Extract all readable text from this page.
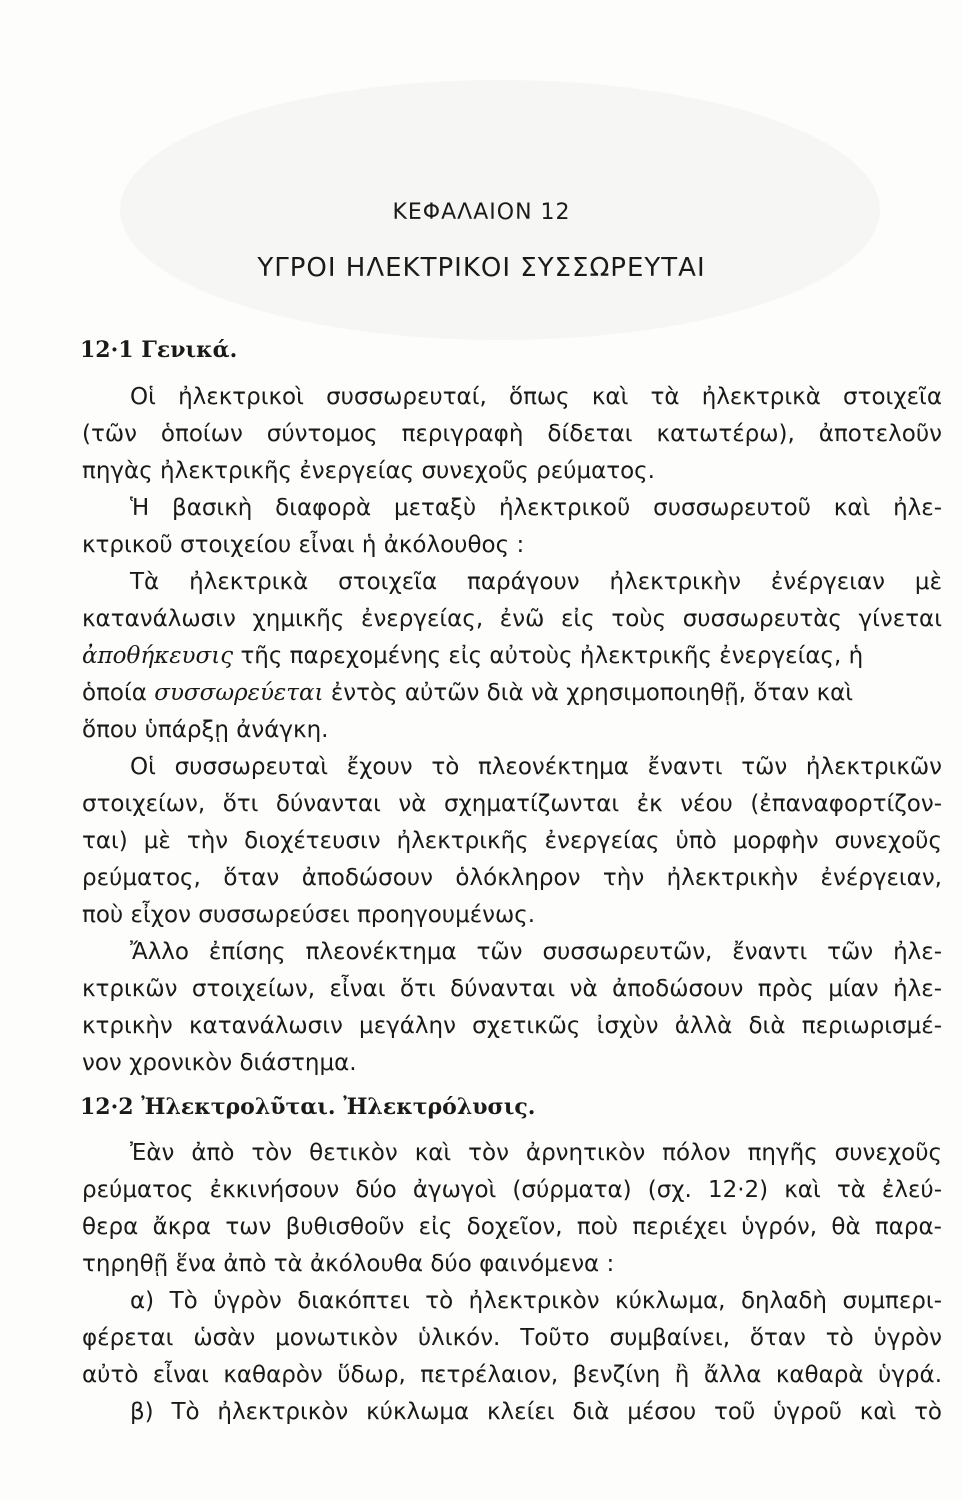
ΚΕΦΑΛΑΙΟΝ 12
ΥΓΡΟΙ ΗΛΕΚΤΡΙΚΟΙ ΣΥΣΣΩΡΕΥΤΑΙ
12·1 Γενικά.
Οἱ ἠλεκτρικοὶ συσσωρευταί, ὅπως καὶ τὰ ἠλεκτρικὰ στοιχεῖα
(τῶν ὁποίων σύντομος περιγραφὴ δίδεται κατωτέρω), ἀποτελοῦν
πηγὰς ἠλεκτρικῆς ἐνεργείας συνεχοῦς ρεύματος.
Ἡ βασικὴ διαφορὰ μεταξὺ ἠλεκτρικοῦ συσσωρευτοῦ καὶ ἠλε-
κτρικοῦ στοιχείου εἶναι ἡ ἀκόλουθος :
Τὰ ἠλεκτρικὰ στοιχεῖα παράγουν ἠλεκτρικὴν ἐνέργειαν μὲ
κατανάλωσιν χημικῆς ἐνεργείας, ἐνῶ εἰς τοὺς συσσωρευτὰς γίνεται
ἀποθήκευσις τῆς παρεχομένης εἰς αὐτοὺς ἠλεκτρικῆς ἐνεργείας, ἡ
ὁποία συσσωρεύεται ἐντὸς αὐτῶν διὰ νὰ χρησιμοποιηθῇ, ὅταν καὶ
ὅπου ὑπάρξῃ ἀνάγκη.
Οἱ συσσωρευταὶ ἔχουν τὸ πλεονέκτημα ἔναντι τῶν ἠλεκτρικῶν
στοιχείων, ὅτι δύνανται νὰ σχηματίζωνται ἐκ νέου (ἐπαναφορτίζον-
ται) μὲ τὴν διοχέτευσιν ἠλεκτρικῆς ἐνεργείας ὑπὸ μορφὴν συνεχοῦς
ρεύματος, ὅταν ἀποδώσουν ὁλόκληρον τὴν ἠλεκτρικὴν ἐνέργειαν,
ποὺ εἶχον συσσωρεύσει προηγουμένως.
Ἄλλο ἐπίσης πλεονέκτημα τῶν συσσωρευτῶν, ἔναντι τῶν ἠλε-
κτρικῶν στοιχείων, εἶναι ὅτι δύνανται νὰ ἀποδώσουν πρὸς μίαν ἠλε-
κτρικὴν κατανάλωσιν μεγάλην σχετικῶς ἰσχὺν ἀλλὰ διὰ περιωρισμέ-
νον χρονικὸν διάστημα.
12·2 Ἠλεκτρολῦται. Ἠλεκτρόλυσις.
Ἐὰν ἀπὸ τὸν θετικὸν καὶ τὸν ἀρνητικὸν πόλον πηγῆς συνεχοῦς
ρεύματος ἐκκινήσουν δύο ἀγωγοὶ (σύρματα) (σχ. 12·2) καὶ τὰ ἐλεύ-
θερα ἄκρα των βυθισθοῦν εἰς δοχεῖον, ποὺ περιέχει ὑγρόν, θὰ παρα-
τηρηθῇ ἕνα ἀπὸ τὰ ἀκόλουθα δύο φαινόμενα :
α) Τὸ ὑγρὸν διακόπτει τὸ ἠλεκτρικὸν κύκλωμα, δηλαδὴ συμπερι-
φέρεται ὡσὰν μονωτικὸν ὑλικόν. Τοῦτο συμβαίνει, ὅταν τὸ ὑγρὸν
αὐτὸ εἶναι καθαρὸν ὕδωρ, πετρέλαιον, βενζίνη ἢ ἄλλα καθαρὰ ὑγρά.
β) Τὸ ἠλεκτρικὸν κύκλωμα κλείει διὰ μέσου τοῦ ὑγροῦ καὶ τὸ
